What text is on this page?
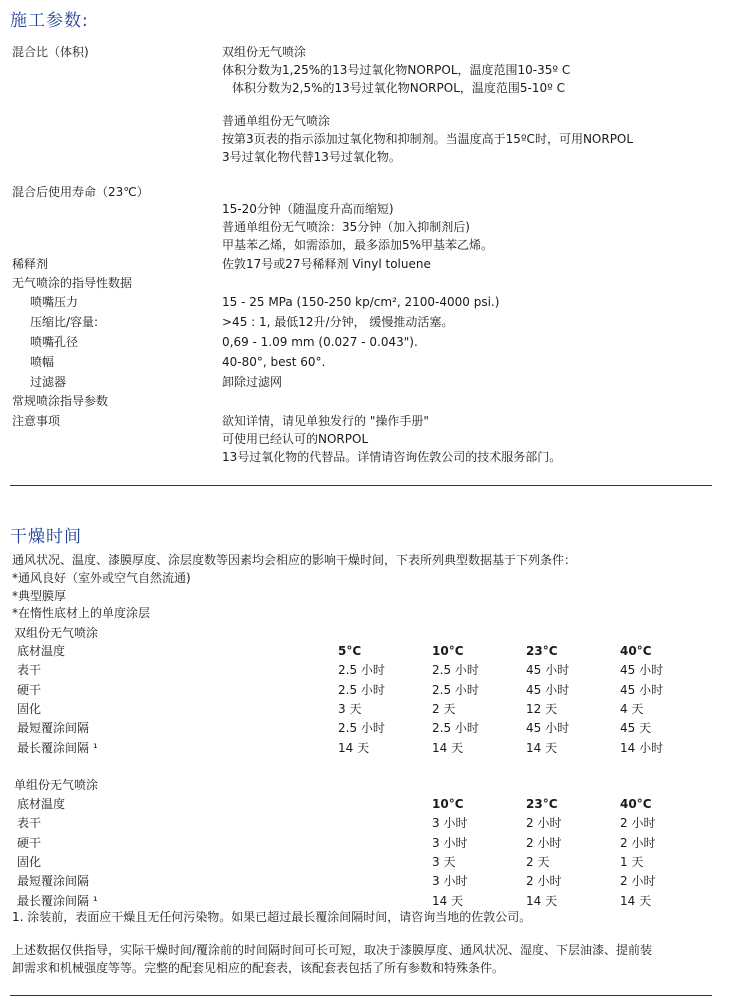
施工参数:
混合比（体积)	双组份无气喷涂
体积分数为1,25%的13号过氧化物NORPOL，温度范围10-35º C
体积分数为2,5%的13号过氧化物NORPOL，温度范围5-10º C
普通单组份无气喷涂
按第3页表的指示添加过氧化物和抑制剂。当温度高于15ºC时，可用NORPOL
3号过氧化物代替13号过氧化物。
混合后使用寿命（23℃）
15-20分钟（随温度升高而缩短)
普通单组份无气喷涂：35分钟（加入抑制剂后)
甲基苯乙烯，如需添加，最多添加5%甲基苯乙烯。
稀释剂	佐敦17号或27号稀释剂 Vinyl toluene
无气喷涂的指导性数据
喷嘴压力	15 - 25 MPa (150-250 kp/cm², 2100-4000 psi.)
压缩比/容量:	>45 : 1, 最低12升/分钟， 缓慢推动活塞。
喷嘴孔径	0,69 - 1.09 mm (0.027 - 0.043").
喷幅	40-80°, best 60°.
过滤器	卸除过滤网
常规喷涂指导参数
注意事项	欲知详情，请见单独发行的 "操作手册"
可使用已经认可的NORPOL
13号过氧化物的代替品。详情请咨询佐敦公司的技术服务部门。
干燥时间
通风状况、温度、漆膜厚度、涂层度数等因素均会相应的影响干燥时间，下表所列典型数据基于下列条件：
*通风良好（室外或空气自然流通)
*典型膜厚
*在惰性底材上的单度涂层
双组份无气喷涂
底材温度	5°C	10°C	23°C	40°C
表干	2.5 小时	2.5 小时	45 小时	45 小时
硬干	2.5 小时	2.5 小时	45 小时	45 小时
固化	3 天	2 天	12 天	4 天
最短覆涂间隔	2.5 小时	2.5 小时	45 小时	45 天
最长覆涂间隔 ¹	14 天	14 天	14 天	14 小时
单组份无气喷涂
底材温度	10°C	23°C	40°C
表干	3 小时	2 小时	2 小时
硬干	3 小时	2 小时	2 小时
固化	3 天	2 天	1 天
最短覆涂间隔	3 小时	2 小时	2 小时
最长覆涂间隔 ¹	14 天	14 天	14 天
1. 涂装前，表面应干燥且无任何污染物。如果已超过最长覆涂间隔时间，请咨询当地的佐敦公司。
上述数据仅供指导，实际干燥时间/覆涂前的时间隔时间可长可短，取决于漆膜厚度、通风状况、湿度、下层油漆、提前装
卸需求和机械强度等等。完整的配套见相应的配套表，该配套表包括了所有参数和特殊条件。
